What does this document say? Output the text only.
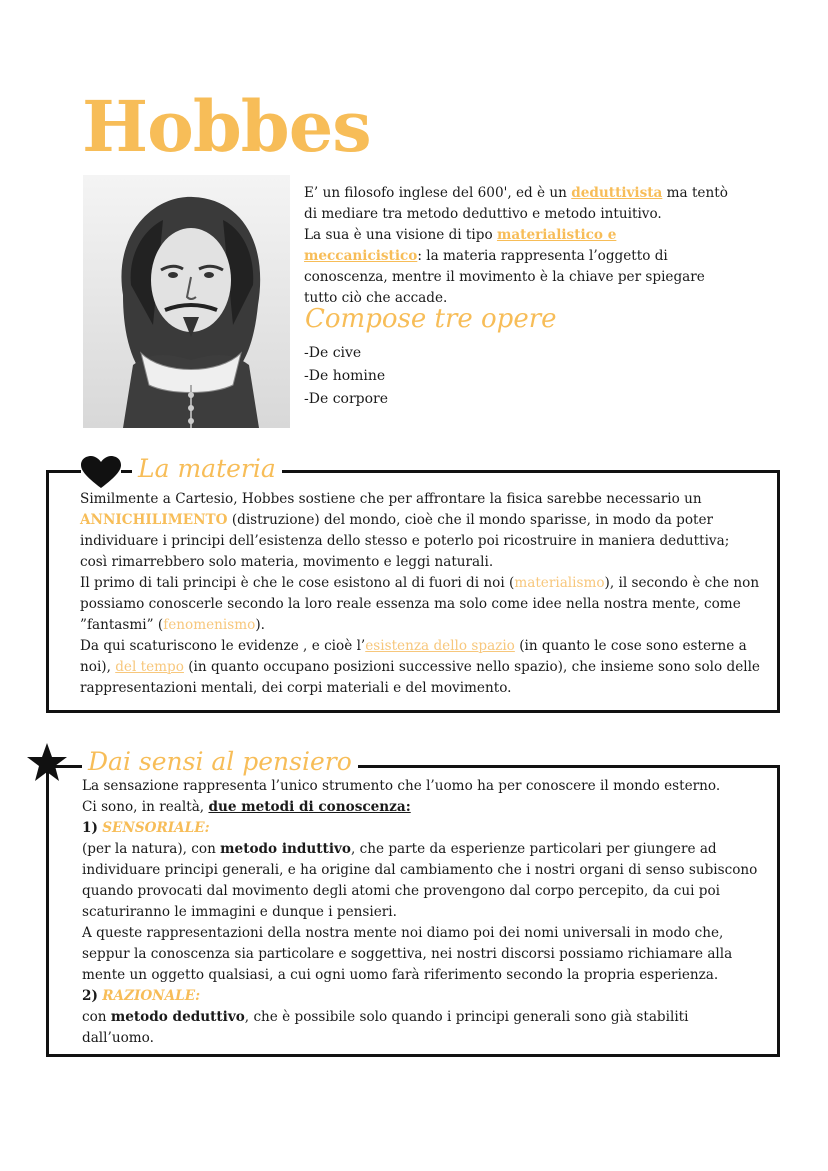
Hobbes

E’ un filosofo inglese del 600', ed è un deduttivista ma tentò di mediare tra metodo deduttivo e metodo intuitivo.

La sua è una visione di tipo materialistico e meccanicistico: la materia rappresenta l’oggetto di conoscenza, mentre il movimento è la chiave per spiegare tutto ciò che accade.

Compose tre opere
-De cive
-De homine
-De corpore
La materia

Similmente a Cartesio, Hobbes sostiene che per affrontare la fisica sarebbe necessario un ANNICHILIMENTO (distruzione) del mondo, cioè che il mondo sparisse, in modo da poter individuare i principi dell’esistenza dello stesso e poterlo poi ricostruire in maniera deduttiva; così rimarrebbero solo materia, movimento e leggi naturali.

Il primo di tali principi è che le cose esistono al di fuori di noi (materialismo), il secondo è che non possiamo conoscerle secondo la loro reale essenza ma solo come idee nella nostra mente, come ”fantasmi” (fenomenismo).

Da qui scaturiscono le evidenze , e cioè l’esistenza dello spazio (in quanto le cose sono esterne a noi), del tempo (in quanto occupano posizioni successive nello spazio), che insieme sono solo delle rappresentazioni mentali, dei corpi materiali e del movimento.

Dai sensi al pensiero

La sensazione rappresenta l’unico strumento che l’uomo ha per conoscere il mondo esterno.

Ci sono, in realtà, due metodi di conoscenza:

1) SENSORIALE:

(per la natura), con metodo induttivo, che parte da esperienze particolari per giungere ad individuare principi generali, e ha origine dal cambiamento che i nostri organi di senso subiscono quando provocati dal movimento degli atomi che provengono dal corpo percepito, da cui poi scaturiranno le immagini e dunque i pensieri.

A queste rappresentazioni della nostra mente noi diamo poi dei nomi universali in modo che, seppur la conoscenza sia particolare e soggettiva, nei nostri discorsi possiamo richiamare alla mente un oggetto qualsiasi, a cui ogni uomo farà riferimento secondo la propria esperienza.

2) RAZIONALE:

con metodo deduttivo, che è possibile solo quando i principi generali sono già stabiliti dall’uomo.
